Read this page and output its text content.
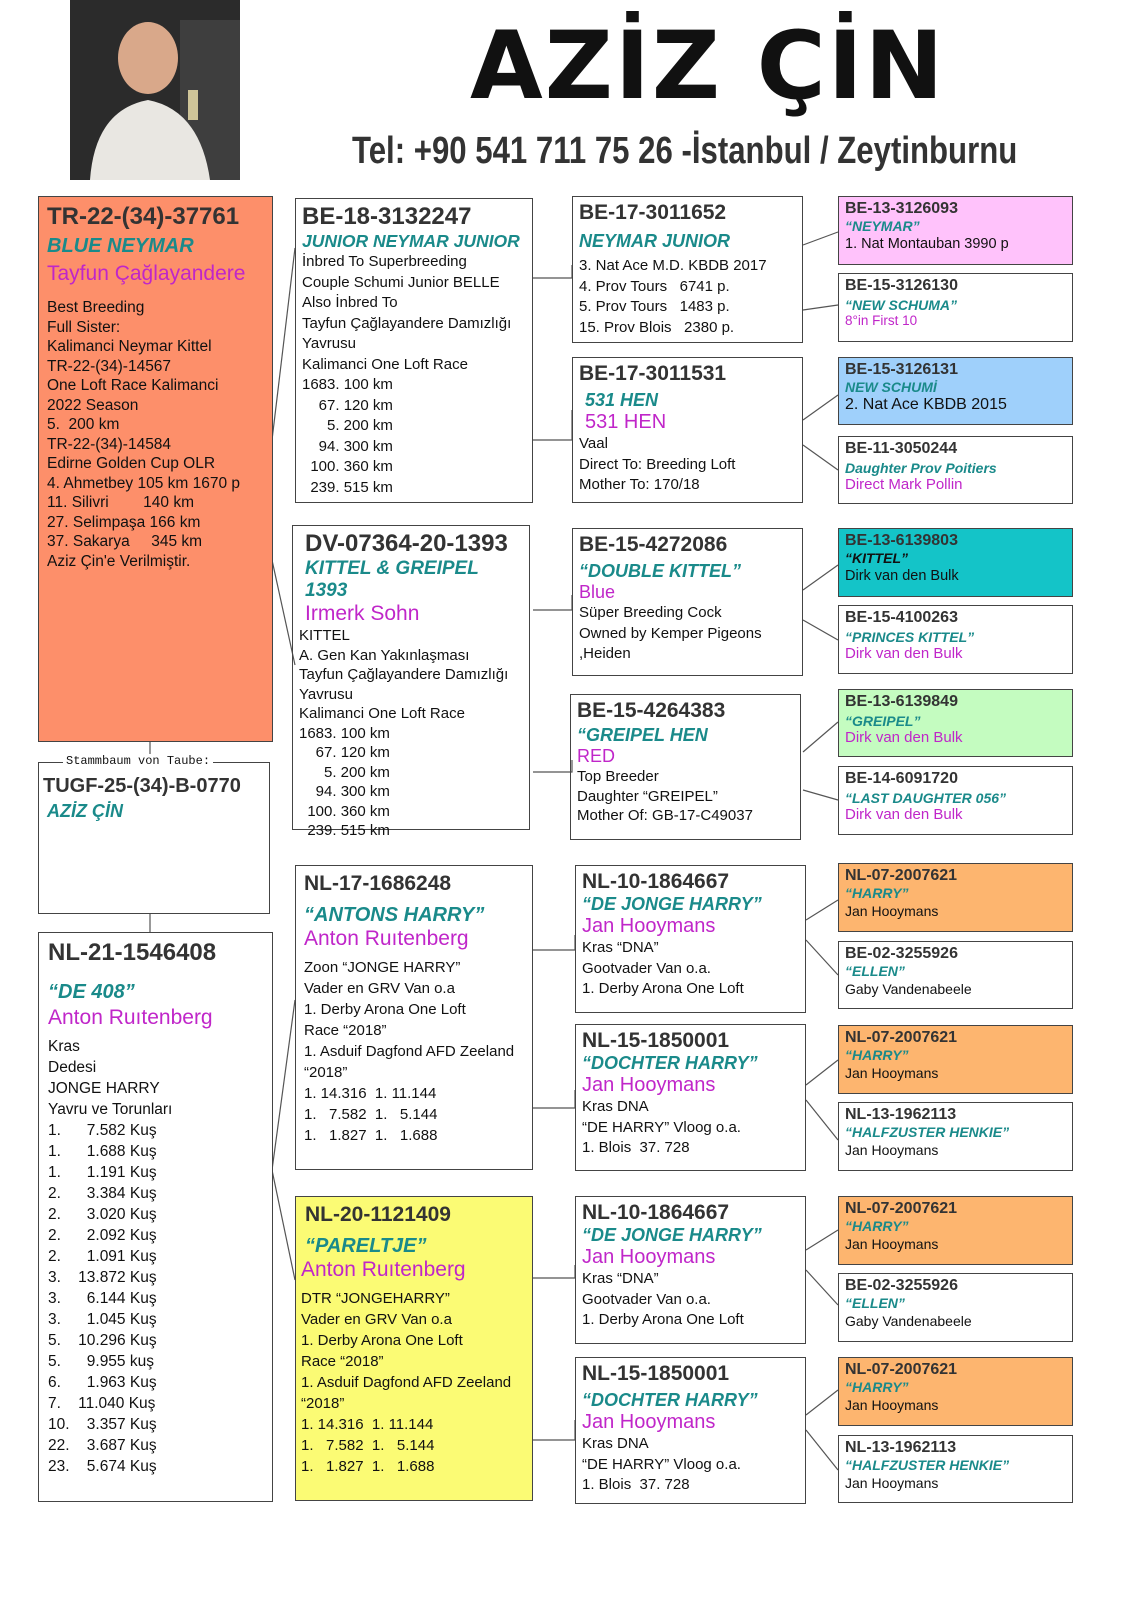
AZİZ ÇİN
Tel: +90 541 711 75 26 -İstanbul / Zeytinburnu
TR-22-(34)-37761
BLUE NEYMAR
Tayfun Çağlayandere
Best Breeding
Full Sister:
Kalimanci Neymar Kittel
TR-22-(34)-14567
One Loft Race Kalimanci
2022 Season
5.  200 km
TR-22-(34)-14584
Edirne Golden Cup OLR
4. Ahmetbey 105 km 1670 p
11. Silivri        140 km
27. Selimpaşa 166 km
37. Sakarya     345 km
Aziz Çin'e Verilmiştir.
Stammbaum von Taube:
TUGF-25-(34)-B-0770
AZİZ ÇİN
NL-21-1546408
“DE 408”
Anton Ruıtenberg
Kras
Dedesi
JONGE HARRY
Yavru ve Torunları
1.      7.582 Kuş
1.      1.688 Kuş
1.      1.191 Kuş
2.      3.384 Kuş
2.      3.020 Kuş
2.      2.092 Kuş
2.      1.091 Kuş
3.    13.872 Kuş
3.      6.144 Kuş
3.      1.045 Kuş
5.    10.296 Kuş
5.      9.955 kuş
6.      1.963 Kuş
7.    11.040 Kuş
10.    3.357 Kuş
22.    3.687 Kuş
23.    5.674 Kuş
BE-18-3132247
JUNIOR NEYMAR JUNIOR
İnbred To Superbreeding
Couple Schumi Junior BELLE
Also İnbred To
Tayfun Çağlayandere Damızlığı
Yavrusu
Kalimanci One Loft Race
1683. 100 km
67. 120 km
5. 200 km
94. 300 km
100. 360 km
239. 515 km
DV-07364-20-1393
KITTEL & GREIPEL 1393
Irmerk Sohn
KITTEL
A. Gen Kan Yakınlaşması
Tayfun Çağlayandere Damızlığı
Yavrusu
Kalimanci One Loft Race
1683. 100 km
67. 120 km
5. 200 km
94. 300 km
100. 360 km
239. 515 km
NL-17-1686248
“ANTONS HARRY”
Anton Ruıtenberg
Zoon “JONGE HARRY”
Vader en GRV Van o.a
1. Derby Arona One Loft
Race “2018”
1. Asduif Dagfond AFD Zeeland
“2018”
1. 14.316  1. 11.144
1.   7.582  1.   5.144
1.   1.827  1.   1.688
NL-20-1121409
“PARELTJE”
Anton Ruıtenberg
DTR “JONGEHARRY”
Vader en GRV Van o.a
1. Derby Arona One Loft
Race “2018”
1. Asduif Dagfond AFD Zeeland
“2018”
1. 14.316  1. 11.144
1.   7.582  1.   5.144
1.   1.827  1.   1.688
BE-17-3011652
NEYMAR JUNIOR
3. Nat Ace M.D. KBDB 2017
4. Prov Tours   6741 p.
5. Prov Tours   1483 p.
15. Prov Blois   2380 p.
BE-17-3011531
531 HEN
531 HEN
Vaal
Direct To: Breeding Loft
Mother To: 170/18
BE-15-4272086
“DOUBLE KITTEL”
Blue
Süper Breeding Cock
Owned by Kemper Pigeons
,Heiden
BE-15-4264383
“GREIPEL HEN
RED
Top Breeder
Daughter “GREIPEL”
Mother Of: GB-17-C49037
NL-10-1864667
“DE JONGE HARRY”
Jan Hooymans
Kras “DNA”
Gootvader Van o.a.
1. Derby Arona One Loft
NL-15-1850001
“DOCHTER HARRY”
Jan Hooymans
Kras DNA
“DE HARRY” Vloog o.a.
1. Blois  37. 728
NL-10-1864667
“DE JONGE HARRY”
Jan Hooymans
Kras “DNA”
Gootvader Van o.a.
1. Derby Arona One Loft
NL-15-1850001
“DOCHTER HARRY”
Jan Hooymans
Kras DNA
“DE HARRY” Vloog o.a.
1. Blois  37. 728
BE-13-3126093
“NEYMAR”
1. Nat Montauban 3990 p
BE-15-3126130
“NEW SCHUMA”
8°in First 10
BE-15-3126131
NEW SCHUMİ
2. Nat Ace KBDB 2015
BE-11-3050244
Daughter Prov Poitiers
Direct Mark Pollin
BE-13-6139803
“KITTEL”
Dirk van den Bulk
BE-15-4100263
“PRINCES KITTEL”
Dirk van den Bulk
BE-13-6139849
“GREIPEL”
Dirk van den Bulk
BE-14-6091720
“LAST DAUGHTER 056”
Dirk van den Bulk
NL-07-2007621
“HARRY”
Jan Hooymans
BE-02-3255926
“ELLEN”
Gaby Vandenabeele
NL-07-2007621
“HARRY”
Jan Hooymans
NL-13-1962113
“HALFZUSTER HENKIE”
Jan Hooymans
NL-07-2007621
“HARRY”
Jan Hooymans
BE-02-3255926
“ELLEN”
Gaby Vandenabeele
NL-07-2007621
“HARRY”
Jan Hooymans
NL-13-1962113
“HALFZUSTER HENKIE”
Jan Hooymans
